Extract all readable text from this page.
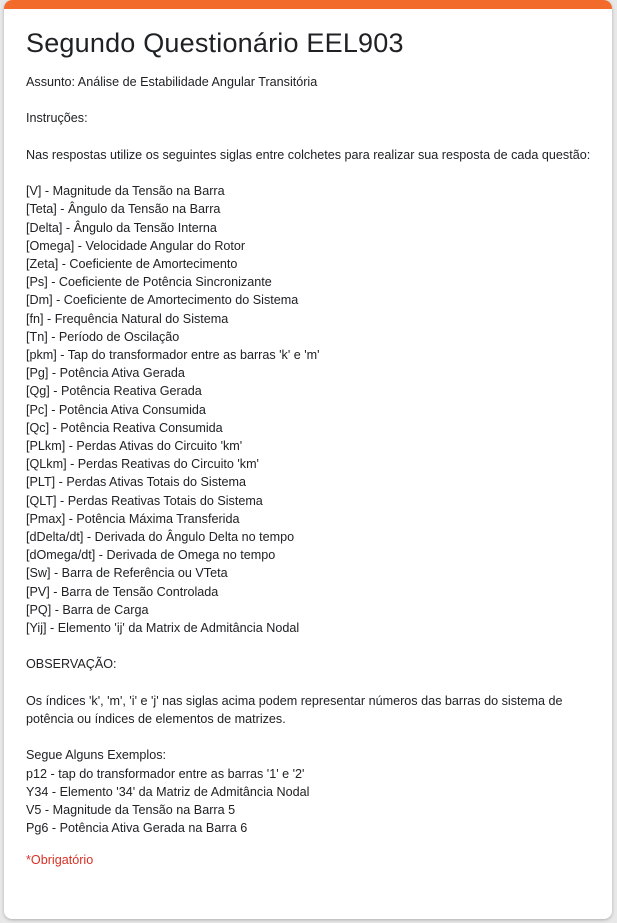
Segundo Questionário EEL903

Assunto: Análise de Estabilidade Angular Transitória

Instruções:

Nas respostas utilize os seguintes siglas entre colchetes para realizar sua resposta de cada questão:

[V] - Magnitude da Tensão na Barra

[Teta] - Ângulo da Tensão na Barra

[Delta] - Ângulo da Tensão Interna

[Omega] - Velocidade Angular do Rotor

[Zeta] - Coeficiente de Amortecimento

[Ps] - Coeficiente de Potência Sincronizante

[Dm] - Coeficiente de Amortecimento do Sistema

[fn] - Frequência Natural do Sistema

[Tn] - Período de Oscilação

[pkm] - Tap do transformador entre as barras 'k' e 'm'

[Pg] - Potência Ativa Gerada

[Qg] - Potência Reativa Gerada

[Pc] - Potência Ativa Consumida

[Qc] - Potência Reativa Consumida

[PLkm] - Perdas Ativas do Circuito 'km'

[QLkm] - Perdas Reativas do Circuito 'km'

[PLT] - Perdas Ativas Totais do Sistema

[QLT] - Perdas Reativas Totais do Sistema

[Pmax] - Potência Máxima Transferida

[dDelta/dt] - Derivada do Ângulo Delta no tempo

[dOmega/dt] - Derivada de Omega no tempo

[Sw] - Barra de Referência ou VTeta

[PV] - Barra de Tensão Controlada

[PQ] - Barra de Carga

[Yij] - Elemento 'ij' da Matrix de Admitância Nodal

OBSERVAÇÃO:

Os índices 'k', 'm', 'i' e 'j' nas siglas acima podem representar números das barras do sistema de potência ou índices de elementos de matrizes.

Segue Alguns Exemplos:

p12 - tap do transformador entre as barras '1' e '2'

Y34 - Elemento '34' da Matriz de Admitância Nodal

V5 - Magnitude da Tensão na Barra 5

Pg6 - Potência Ativa Gerada na Barra 6

*Obrigatório
